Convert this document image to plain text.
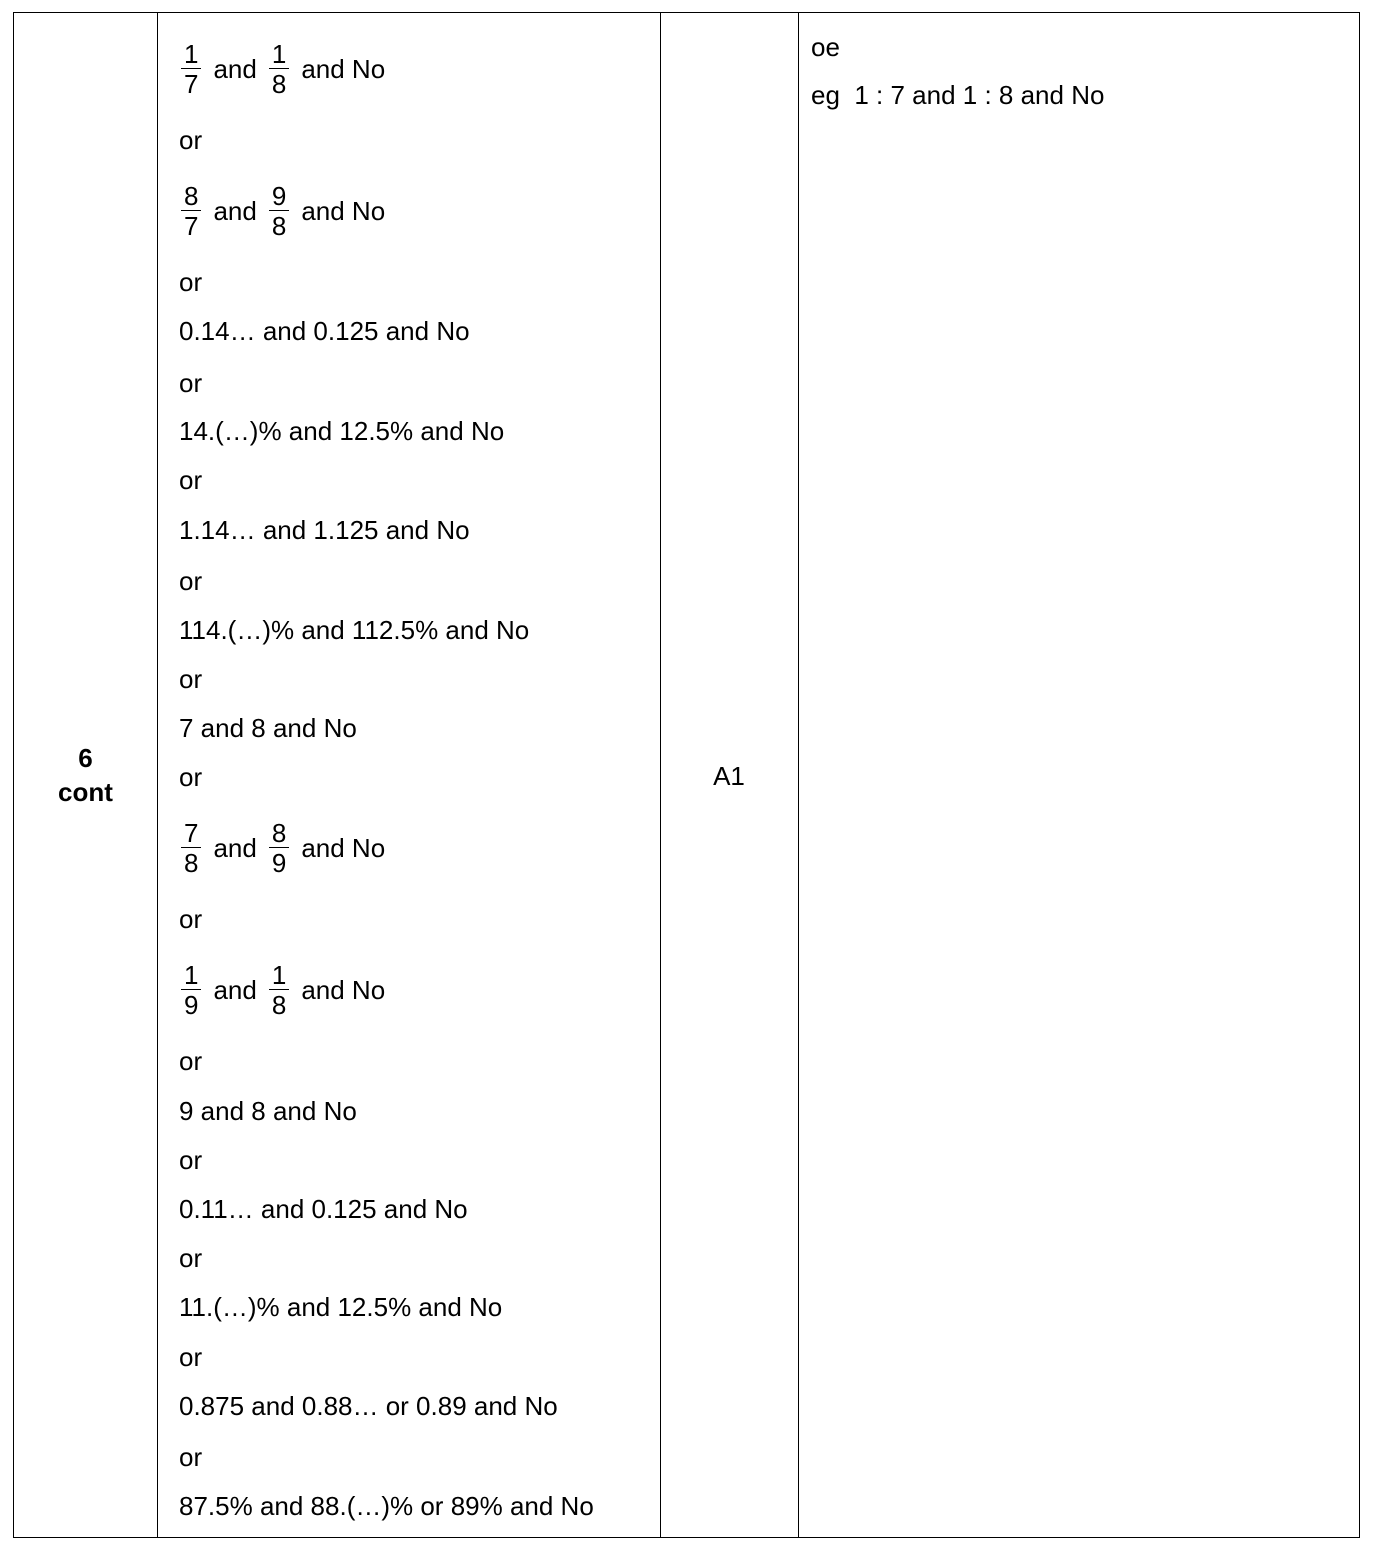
6
cont
$\frac{1}{7}$ and $\frac{1}{8}$ and No
or
$\frac{8}{7}$ and $\frac{9}{8}$ and No
or
0.14… and 0.125 and No
or
14.(…)% and 12.5% and No
or
1.14… and 1.125 and No
or
114.(…)% and 112.5% and No
or
7 and 8 and No
or
$\frac{7}{8}$ and $\frac{8}{9}$ and No
or
$\frac{1}{9}$ and $\frac{1}{8}$ and No
or
9 and 8 and No
or
0.11… and 0.125 and No
or
11.(…)% and 12.5% and No
or
0.875 and 0.88… or 0.89 and No
or
87.5% and 88.(…)% or 89% and No
A1
oe
eg  1 : 7 and 1 : 8 and No
